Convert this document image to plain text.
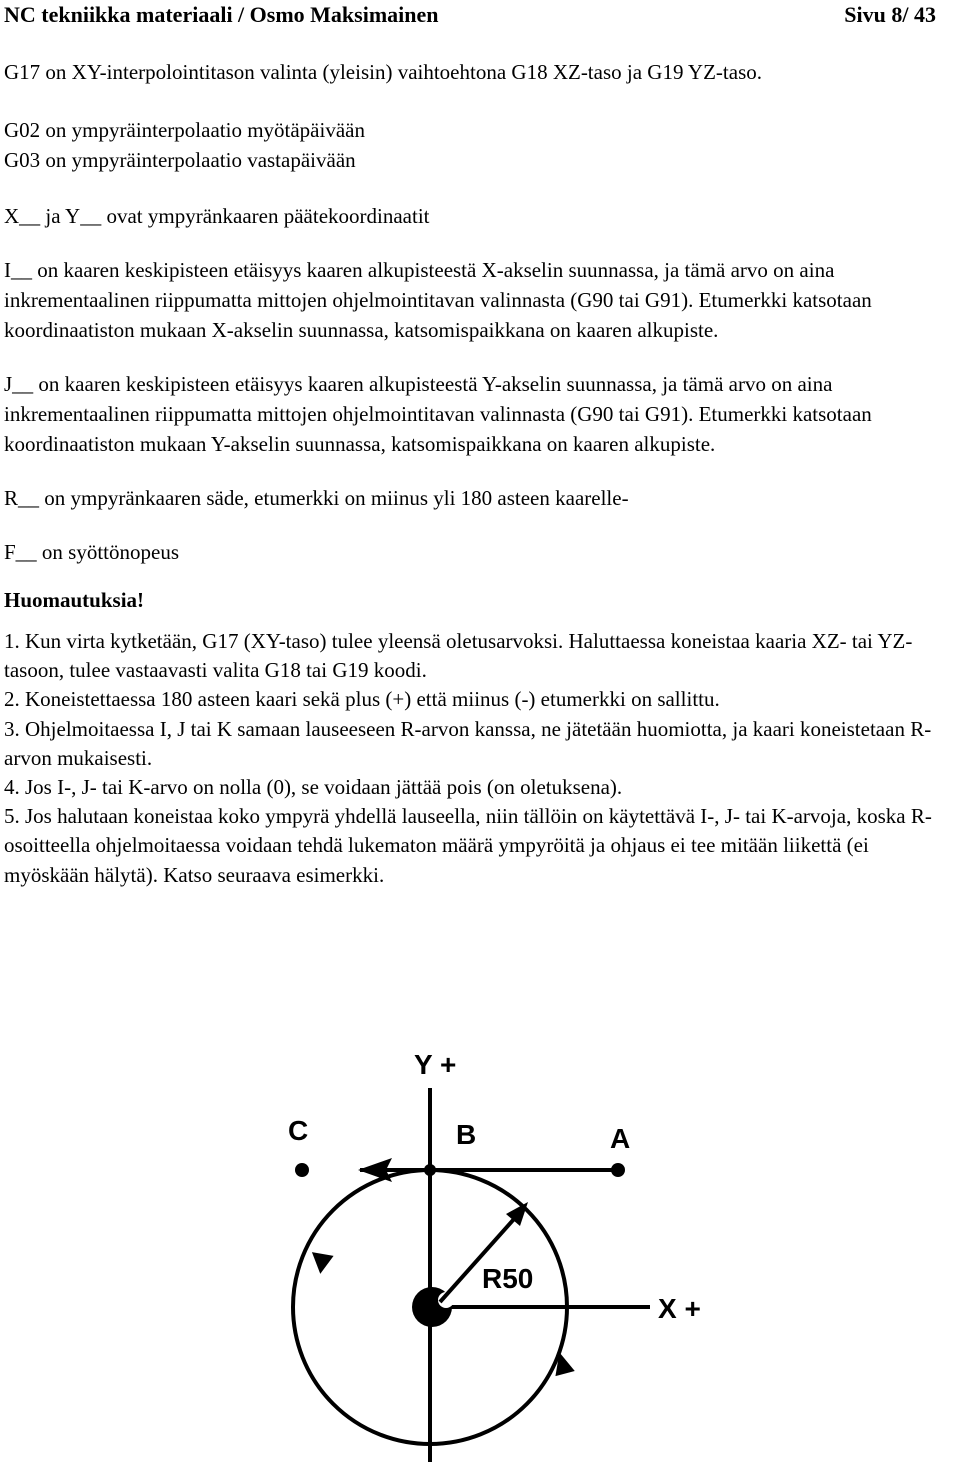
NC tekniikka materiaali / Osmo Maksimainen	Sivu 8/ 43

G17 on XY-interpolointitason valinta (yleisin) vaihtoehtona G18 XZ-taso ja G19 YZ-taso.

G02 on ympyräinterpolaatio myötäpäivään

G03 on ympyräinterpolaatio vastapäivään

X__ ja Y__ ovat ympyränkaaren päätekoordinaatit

I__ on kaaren keskipisteen etäisyys kaaren alkupisteestä X-akselin suunnassa, ja tämä arvo on aina inkrementaalinen riippumatta mittojen ohjelmointitavan valinnasta (G90 tai G91). Etumerkki katsotaan koordinaatiston mukaan X-akselin suunnassa, katsomispaikkana on kaaren alkupiste.

J__ on kaaren keskipisteen etäisyys kaaren alkupisteestä Y-akselin suunnassa, ja tämä arvo on aina inkrementaalinen riippumatta mittojen ohjelmointitavan valinnasta (G90 tai G91). Etumerkki katsotaan koordinaatiston mukaan Y-akselin suunnassa, katsomispaikkana on kaaren alkupiste.

R__ on ympyränkaaren säde, etumerkki on miinus yli 180 asteen kaarelle-

F__ on syöttönopeus

Huomautuksia!
1. Kun virta kytketään, G17 (XY-taso) tulee yleensä oletusarvoksi. Haluttaessa koneistaa kaaria XZ- tai YZ-tasoon, tulee vastaavasti valita G18 tai G19 koodi.
2. Koneistettaessa 180 asteen kaari sekä plus (+) että miinus (-) etumerkki on sallittu.
3. Ohjelmoitaessa I, J tai K samaan lauseeseen R-arvon kanssa, ne jätetään huomiotta, ja kaari koneistetaan R-arvon mukaisesti.
4. Jos I-, J- tai K-arvo on nolla (0), se voidaan jättää pois (on oletuksena).
5. Jos halutaan koneistaa koko ympyrä yhdellä lauseella, niin tällöin on käytettävä I-, J- tai K-arvoja, koska R-osoitteella ohjelmoitaessa voidaan tehdä lukematon määrä ympyröitä ja ohjaus ei tee mitään liikettä (ei myöskään hälytä). Katso seuraava esimerkki.
Y +
X +
R50
A
B
C
